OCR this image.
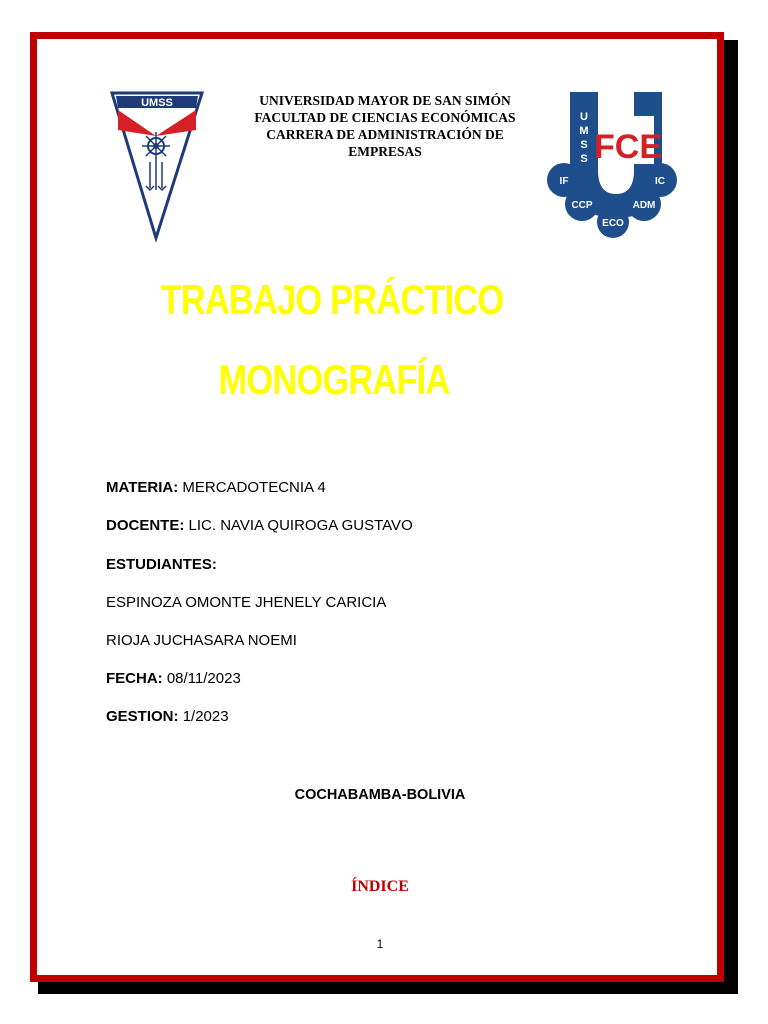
UMSS	UNIVERSIDAD MAYOR DE SAN SIMÓN
FACULTAD DE CIENCIAS ECONÓMICAS
CARRERA DE ADMINISTRACIÓN DE EMPRESAS
U
M
S
S FCE
IF	IC
CCP	ADM
ECO
TRABAJO PRÁCTICO
MONOGRAFÍA
MATERIA: MERCADOTECNIA 4
DOCENTE: LIC. NAVIA QUIROGA GUSTAVO
ESTUDIANTES:
ESPINOZA OMONTE JHENELY CARICIA
RIOJA JUCHASARA NOEMI
FECHA: 08/11/2023
GESTION: 1/2023
COCHABAMBA-BOLIVIA
ÍNDICE
1
